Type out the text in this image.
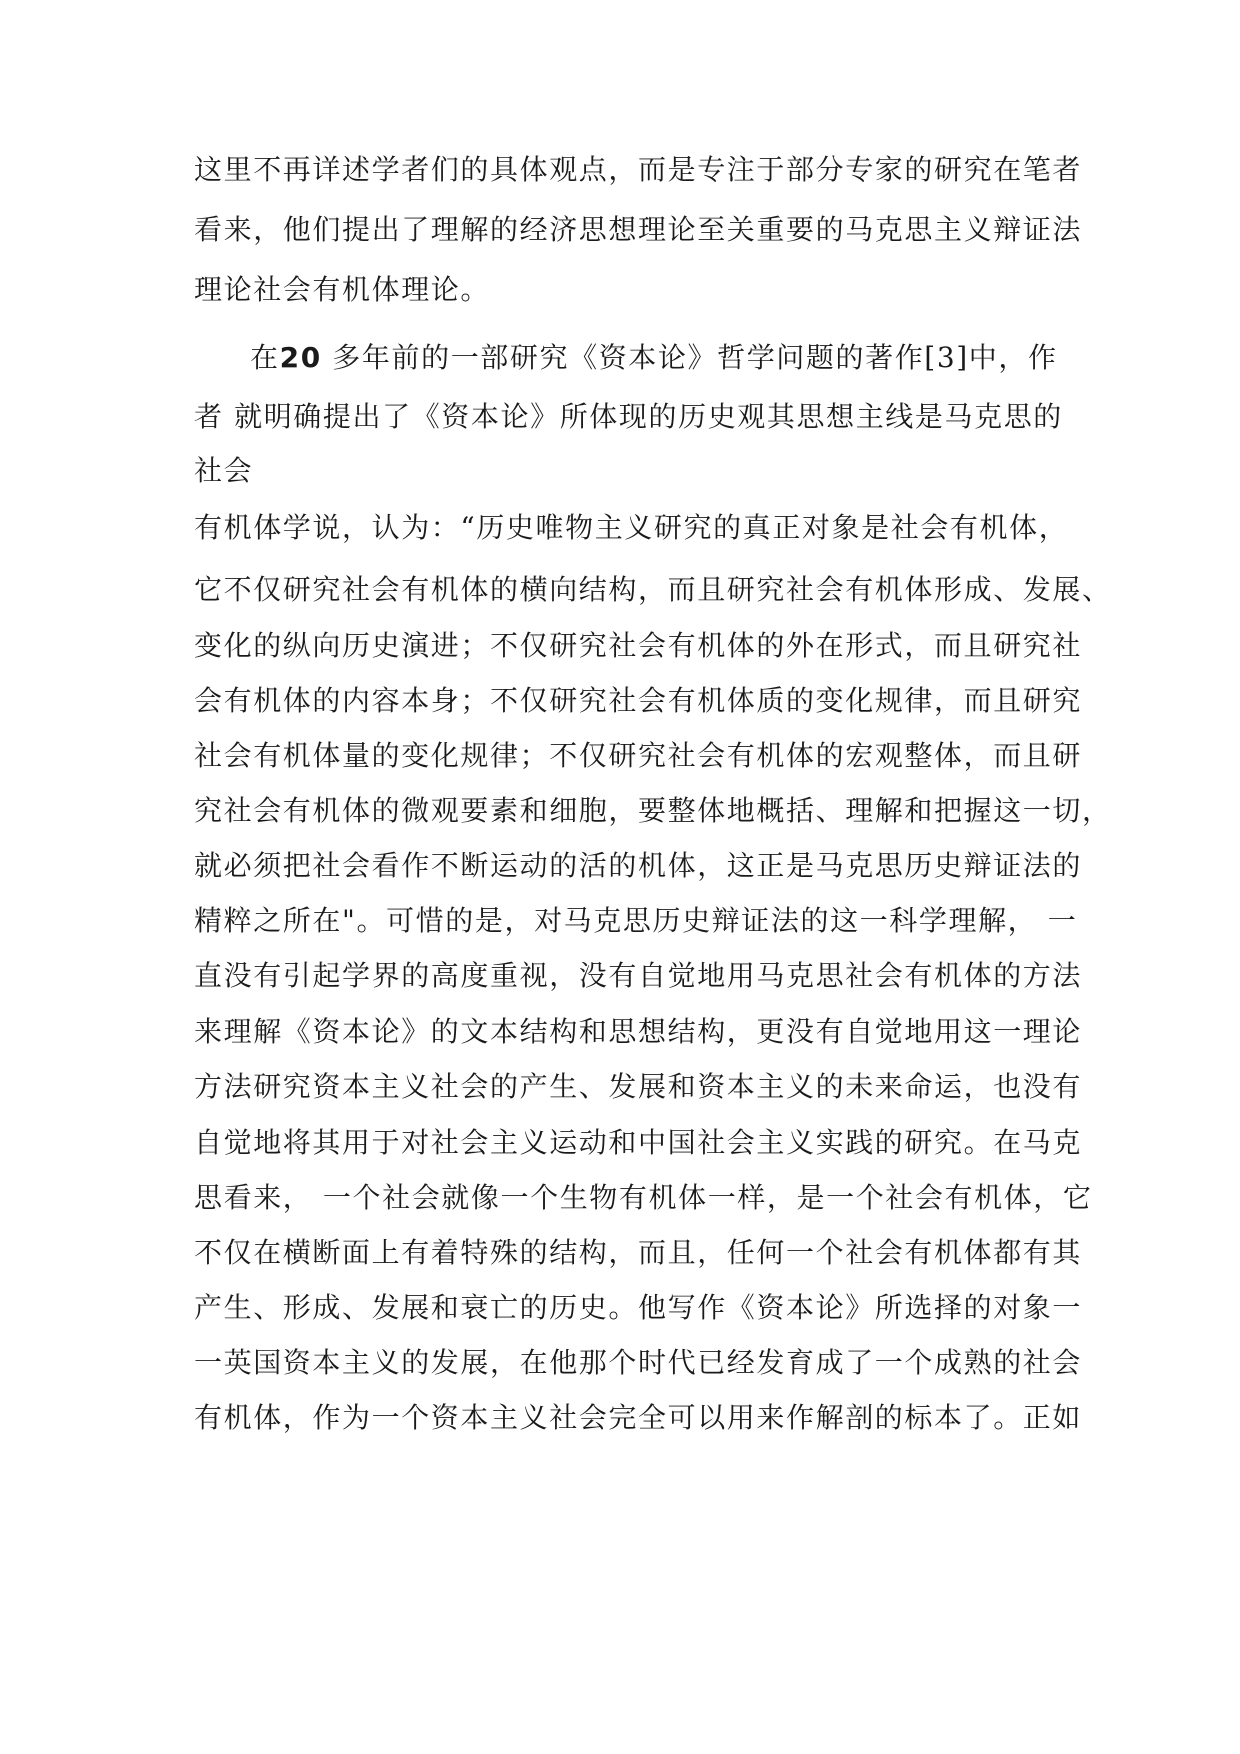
这里不再详述学者们的具体观点，而是专注于部分专家的研究在笔者

看来，他们提出了理解的经济思想理论至关重要的马克思主义辩证法

理论社会有机体理论。

在20 多年前的一部研究《资本论》哲学问题的著作[3]中，作

者 就明确提出了《资本论》所体现的历史观其思想主线是马克思的

社会

有机体学说，认为：“历史唯物主义研究的真正对象是社会有机体，

它不仅研究社会有机体的横向结构，而且研究社会有机体形成、发展、

变化的纵向历史演进；不仅研究社会有机体的外在形式，而且研究社

会有机体的内容本身；不仅研究社会有机体质的变化规律，而且研究

社会有机体量的变化规律；不仅研究社会有机体的宏观整体，而且研

究社会有机体的微观要素和细胞，要整体地概括、理解和把握这一切，

就必须把社会看作不断运动的活的机体，这正是马克思历史辩证法的

精粹之所在"。可惜的是，对马克思历史辩证法的这一科学理解， 一

直没有引起学界的高度重视，没有自觉地用马克思社会有机体的方法

来理解《资本论》的文本结构和思想结构，更没有自觉地用这一理论

方法研究资本主义社会的产生、发展和资本主义的未来命运，也没有

自觉地将其用于对社会主义运动和中国社会主义实践的研究。在马克

思看来， 一个社会就像一个生物有机体一样，是一个社会有机体，它

不仅在横断面上有着特殊的结构，而且，任何一个社会有机体都有其

产生、形成、发展和衰亡的历史。他写作《资本论》所选择的对象一

一英国资本主义的发展，在他那个时代已经发育成了一个成熟的社会

有机体，作为一个资本主义社会完全可以用来作解剖的标本了。正如
